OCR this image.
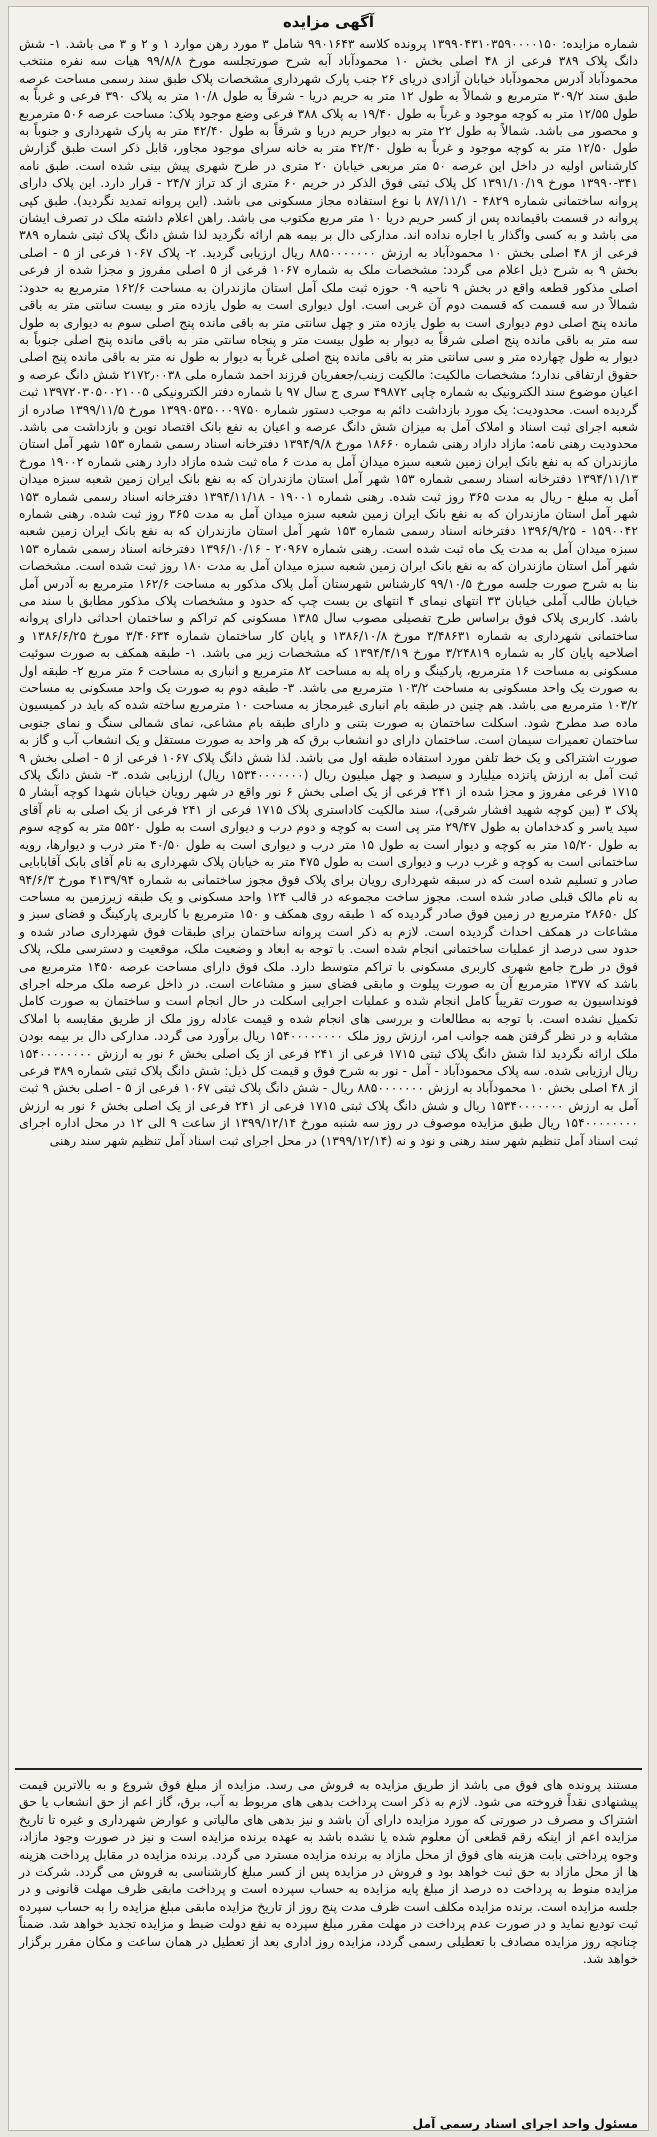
آگهی مزایده

شماره مزایده: ۱۳۹۹۰۴۳۱۰۳۵۹۰۰۰۰۱۵۰ پرونده کلاسه ۹۹۰۱۶۴۳ شامل ۳ مورد رهن موارد ۱ و ۲ و ۳ می باشد. ۱- شش دانگ پلاک ۳۸۹ فرعی از ۴۸ اصلی بخش ۱۰ محمودآباد آبه شرح صورتجلسه مورخ ۹۹/۸/۸ هیات سه نفره منتخب محمودآباد آدرس محمودآباد خیابان آزادی دریای ۲۶ جنب پارک شهرداری مشخصات پلاک طبق سند رسمی مساحت عرصه طبق سند ۳۰۹/۲ مترمربع و شمالاً به طول ۱۲ متر به حریم دریا - شرقاً به طول ۱۰/۸ متر به پلاک ۳۹۰ فرعی و غرباً به طول ۱۲/۵۵ متر به کوچه موجود و غرباً به طول ۱۹/۴۰ به پلاک ۳۸۸ فرعی وضع موجود پلاک: مساحت عرصه ۵۰۶ مترمربع و محصور می باشد. شمالاً به طول ۲۲ متر به دیوار حریم دریا و شرقاً به طول ۴۲/۴۰ متر به پارک شهرداری و جنوباً به طول ۱۲/۵۰ متر به کوچه موجود و غرباً به طول ۴۲/۴۰ متر به خانه سرای موجود مجاور، قابل ذکر است طبق گزارش کارشناس اولیه در داخل این عرصه ۵۰ متر مربعی خیابان ۲۰ متری در طرح شهری پیش بینی شده است. طبق نامه ۳۴۱-۱۳۹۹۰ مورخ ۱۳۹۱/۱۰/۱۹ کل پلاک ثبتی فوق الذکر در حریم ۶۰ متری از کد تراز ۲۴/۷ - قرار دارد. این پلاک دارای پروانه ساختمانی شماره ۴۸۲۹ - ۸۷/۱۱/۱ با نوع استفاده مجاز مسکونی می باشد. (این پروانه تمدید نگردید). طبق کپی پروانه در قسمت باقیمانده پس از کسر حریم دریا ۱۰ متر مربع مکتوب می باشد. راهن اعلام داشته ملک در تصرف ایشان می باشد و به کسی واگذار یا اجاره نداده اند. مدارکی دال بر بیمه هم ارائه نگردید لذا شش دانگ پلاک ثبتی شماره ۳۸۹ فرعی از ۴۸ اصلی بخش ۱۰ محمودآباد به ارزش ۸۸۵۰۰۰۰۰۰۰ ریال ارزیابی گردید. ۲- پلاک ۱۰۶۷ فرعی از ۵ - اصلی بخش ۹ به شرح ذیل اعلام می گردد: مشخصات ملک به شماره ۱۰۶۷ فرعی از ۵ اصلی مفروز و مجزا شده از فرعی اصلی مذکور قطعه واقع در بخش ۹ ناحیه ۰۹ حوزه ثبت ملک آمل استان مازندران به مساحت ۱۶۲/۶ مترمربع به حدود: شمالاً در سه قسمت که قسمت دوم آن غربی است. اول دیواری است به طول یازده متر و بیست سانتی متر به باقی مانده پنج اصلی دوم دیواری است به طول یازده متر و چهل سانتی متر به باقی مانده پنج اصلی سوم به دیواری به طول سه متر به باقی مانده پنج اصلی شرقاً به دیوار به طول بیست متر و پنجاه سانتی متر به باقی مانده پنج اصلی جنوباً به دیوار به طول چهارده متر و سی سانتی متر به باقی مانده پنج اصلی غرباً به دیوار به طول نه متر به باقی مانده پنج اصلی حقوق ارتفاقی ندارد؛ مشخصات مالکیت: مالکیت زینب/جعفریان فرزند احمد شماره ملی ۲۱۷۲٫۰۰۳۸ شش دانگ عرصه و اعیان موضوع سند الکترونیک به شماره چاپی ۴۹۸۷۲ سری ج سال ۹۷ با شماره دفتر الکترونیکی ۱۳۹۷۲۰۳۰۵۰۰۲۱۰۰۵ ثبت گردیده است. محدودیت: یک مورد بازداشت دائم به موجب دستور شماره ۱۳۹۹۰۵۳۵۰۰۰۹۷۵۰ مورخ ۱۳۹۹/۱۱/۵ صادره از شعبه اجرای ثبت اسناد و املاک آمل به میزان شش دانگ عرصه و اعیان به نفع بانک اقتصاد نوین و بازداشت می باشد. محدودیت رهنی نامه: مازاد داراد رهنی شماره ۱۸۶۶۰ مورخ ۱۳۹۴/۹/۸ دفترخانه اسناد رسمی شماره ۱۵۳ شهر آمل استان مازندران که به نفع بانک ایران زمین شعبه سبزه میدان آمل به مدت ۶ ماه ثبت شده مازاد دارد رهنی شماره ۱۹۰۰۲ مورخ ۱۳۹۴/۱۱/۱۳ دفترخانه اسناد رسمی شماره ۱۵۳ شهر آمل استان مازندران که به نفع بانک ایران زمین شعبه سبزه میدان آمل به مبلغ - ریال به مدت ۳۶۵ روز ثبت شده. رهنی شماره ۱۹۰۰۱ - ۱۳۹۴/۱۱/۱۸ دفترخانه اسناد رسمی شماره ۱۵۳ شهر آمل استان مازندران که به نفع بانک ایران زمین شعبه سبزه میدان آمل به مدت ۳۶۵ روز ثبت شده. رهنی شماره ۱۵۹۰۰۴۲ - ۱۳۹۶/۹/۲۵ دفترخانه اسناد رسمی شماره ۱۵۳ شهر آمل استان مازندران که به نفع بانک ایران زمین شعبه سبزه میدان آمل به مدت یک ماه ثبت شده است. رهنی شماره ۲۰۹۶۷ - ۱۳۹۶/۱۰/۱۶ دفترخانه اسناد رسمی شماره ۱۵۳ شهر آمل استان مازندران که به نفع بانک ایران زمین شعبه سبزه میدان آمل به مدت ۱۸۰ روز ثبت شده است. مشخصات بنا به شرح صورت جلسه مورخ ۹۹/۱۰/۵ کارشناس شهرستان آمل پلاک مذکور به مساحت ۱۶۲/۶ مترمربع به آدرس آمل خیابان طالب آملی خیابان ۳۳ انتهای نیمای ۴ انتهای بن بست چپ که حدود و مشخصات پلاک مذکور مطابق با سند می باشد. کاربری پلاک فوق براساس طرح تفصیلی مصوب سال ۱۳۸۵ مسکونی کم تراکم و ساختمان احداثی دارای پروانه ساختمانی شهرداری به شماره ۳/۴۸۶۳۱ مورخ ۱۳۸۶/۱۰/۸ و پایان کار ساختمان شماره ۳/۴۰۶۳۴ مورخ ۱۳۸۶/۶/۲۵ و اصلاحیه پایان کار به شماره ۳/۲۴۸۱۹ مورخ ۱۳۹۴/۴/۱۹ که مشخصات زیر می باشد. ۱- طبقه همکف به صورت سوئیت مسکونی به مساحت ۱۶ مترمربع، پارکینگ و راه پله به مساحت ۸۲ مترمربع و انباری به مساحت ۶ متر مربع ۲- طبقه اول به صورت یک واحد مسکونی به مساحت ۱۰۳/۲ مترمربع می باشد. ۳- طبقه دوم به صورت یک واحد مسکونی به مساحت ۱۰۳/۲ مترمربع می باشد. هم چنین در طبقه بام انباری غیرمجاز به مساحت ۱۰ مترمربع ساخته شده که باید در کمیسیون ماده صد مطرح شود. اسکلت ساختمان به صورت بتنی و دارای طبقه بام مشاعی، نمای شمالی سنگ و نمای جنوبی ساختمان تعمیرات سیمان است. ساختمان دارای دو انشعاب برق که هر واحد به صورت مستقل و یک انشعاب آب و گاز به صورت اشتراکی و یک خط تلفن مورد استفاده طبقه اول می باشد. لذا شش دانگ پلاک ۱۰۶۷ فرعی از ۵ - اصلی بخش ۹ ثبت آمل به ارزش پانزده میلیارد و سیصد و چهل میلیون ریال (۱۵۳۴۰۰۰۰۰۰۰ ریال) ارزیابی شده. ۳- شش دانگ پلاک ۱۷۱۵ فرعی مفروز و مجزا شده از ۲۴۱ فرعی از یک اصلی بخش ۶ نور واقع در شهر رویان خیابان شهدا کوچه آبشار ۵ پلاک ۳ (بین کوچه شهید افشار شرقی)، سند مالکیت کاداستری پلاک ۱۷۱۵ فرعی از ۲۴۱ فرعی از یک اصلی به نام آقای سید یاسر و کدخدامان به طول ۲۹/۴۷ متر پی است به کوچه و دوم درب و دیواری است به طول ۵۵۲۰ متر به کوچه سوم به طول ۱۵/۲۰ متر به کوچه و دیوار است به طول ۱۵ متر درب و دیواری است به طول ۴۰/۵۰ متر درب و دیوارها، رویه ساختمانی است به کوچه و غرب درب و دیواری است به طول ۴۷۵ متر به خیابان پلاک شهرداری به نام آقای بابک آقابابایی صادر و تسلیم شده است که در سبقه شهرداری رویان برای پلاک فوق مجوز ساختمانی به شماره ۴۱۳۹/۹۴ مورخ ۹۴/۶/۳ به نام مالک قبلی صادر شده است. مجوز ساخت مجموعه در قالب ۱۲۴ واحد مسکونی و یک طبقه زیرزمین به مساحت کل ۲۸۶۵۰ مترمربع در زمین فوق صادر گردیده که ۱ طبقه روی همکف و ۱۵۰ مترمربع با کاربری پارکینگ و فضای سبز و مشاعات در همکف احداث گردیده است. لازم به ذکر است پروانه ساختمان برای طبقات فوق شهرداری صادر شده و حدود سی درصد از عملیات ساختمانی انجام شده است. با توجه به ابعاد و وضعیت ملک، موقعیت و دسترسی ملک، پلاک فوق در طرح جامع شهری کاربری مسکونی با تراکم متوسط دارد. ملک فوق دارای مساحت عرصه ۱۴۵۰ مترمربع می باشد که ۱۳۷۷ مترمربع آن به صورت پیلوت و مابقی فضای سبز و مشاعات است. در داخل عرصه ملک مرحله اجرای فونداسیون به صورت تقریباً کامل انجام شده و عملیات اجرایی اسکلت در حال انجام است و ساختمان به صورت کامل تکمیل نشده است. با توجه به مطالعات و بررسی های انجام شده و قیمت عادله روز ملک از طریق مقایسه با املاک مشابه و در نظر گرفتن همه جوانب امر، ارزش روز ملک ۱۵۴۰۰۰۰۰۰۰۰ ریال برآورد می گردد. مدارکی دال بر بیمه بودن ملک ارائه نگردید لذا شش دانگ پلاک ثبتی ۱۷۱۵ فرعی از ۲۴۱ فرعی از یک اصلی بخش ۶ نور به ارزش ۱۵۴۰۰۰۰۰۰۰۰ ریال ارزیابی شده. سه پلاک محمودآباد - آمل - نور به شرح فوق و قیمت کل ذیل: شش دانگ پلاک ثبتی شماره ۳۸۹ فرعی از ۴۸ اصلی بخش ۱۰ محمودآباد به ارزش ۸۸۵۰۰۰۰۰۰۰ ریال - شش دانگ پلاک ثبتی ۱۰۶۷ فرعی از ۵ - اصلی بخش ۹ ثبت آمل به ارزش ۱۵۳۴۰۰۰۰۰۰۰ ریال و شش دانگ پلاک ثبتی ۱۷۱۵ فرعی از ۲۴۱ فرعی از یک اصلی بخش ۶ نور به ارزش ۱۵۴۰۰۰۰۰۰۰۰ ریال طبق مزایده موصوف در روز سه شنبه مورخ ۱۳۹۹/۱۲/۱۴ از ساعت ۹ الی ۱۲ در محل اداره اجرای ثبت اسناد آمل تنظیم شهر سند رهنی و نود و نه (۱۳۹۹/۱۲/۱۴) در محل اجرای ثبت اسناد آمل تنظیم شهر سند رهنی

مستند پرونده های فوق می باشد از طریق مزایده به فروش می رسد. مزایده از مبلغ فوق شروع و به بالاترین قیمت پیشنهادی نقداً فروخته می شود. لازم به ذکر است پرداخت بدهی های مربوط به آب، برق، گاز اعم از حق انشعاب یا حق اشتراک و مصرف در صورتی که مورد مزایده دارای آن باشد و نیز بدهی های مالیاتی و عوارض شهرداری و غیره تا تاریخ مزایده اعم از اینکه رقم قطعی آن معلوم شده یا نشده باشد به عهده برنده مزایده است و نیز در صورت وجود مازاد، وجوه پرداختی بابت هزینه های فوق از محل مازاد به برنده مزایده مسترد می گردد. برنده مزایده در مقابل پرداخت هزینه ها از محل مازاد به حق ثبت خواهد بود و فروش در مزایده پس از کسر مبلغ کارشناسی به فروش می گردد. شرکت در مزایده منوط به پرداخت ده درصد از مبلغ پایه مزایده به حساب سپرده است و پرداخت مابقی ظرف مهلت قانونی و در جلسه مزایده است. برنده مزایده مکلف است ظرف مدت پنج روز از تاریخ مزایده مابقی مبلغ مزایده را به حساب سپرده ثبت تودیع نماید و در صورت عدم پرداخت در مهلت مقرر مبلغ سپرده به نفع دولت ضبط و مزایده تجدید خواهد شد. ضمناً چنانچه روز مزایده مصادف با تعطیلی رسمی گردد، مزایده روز اداری بعد از تعطیل در همان ساعت و مکان مقرر برگزار خواهد شد.
مسئول واحد اجرای اسناد رسمی آمل
